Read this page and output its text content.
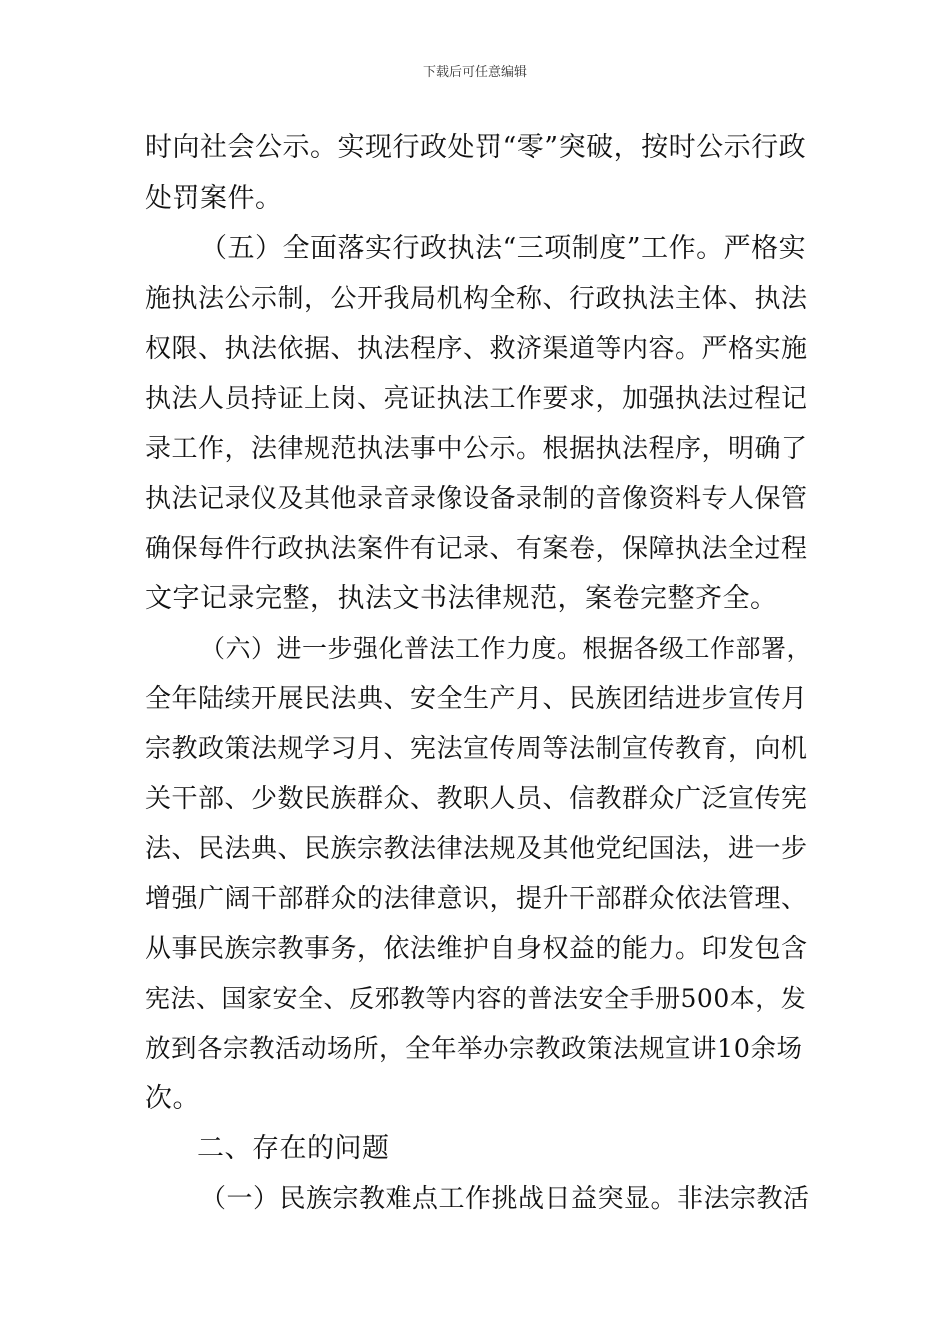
下载后可任意编辑
时向社会公示。实现行政处罚“零”突破，按时公示行政
处罚案件。
（五）全面落实行政执法“三项制度”工作。严格实
施执法公示制，公开我局机构全称、行政执法主体、执法
权限、执法依据、执法程序、救济渠道等内容。严格实施
执法人员持证上岗、亮证执法工作要求，加强执法过程记
录工作，法律规范执法事中公示。根据执法程序，明确了
执法记录仪及其他录音录像设备录制的音像资料专人保管
确保每件行政执法案件有记录、有案卷，保障执法全过程
文字记录完整，执法文书法律规范，案卷完整齐全。
（六）进一步强化普法工作力度。根据各级工作部署，
全年陆续开展民法典、安全生产月、民族团结进步宣传月
宗教政策法规学习月、宪法宣传周等法制宣传教育，向机
关干部、少数民族群众、教职人员、信教群众广泛宣传宪
法、民法典、民族宗教法律法规及其他党纪国法，进一步
增强广阔干部群众的法律意识，提升干部群众依法管理、
从事民族宗教事务，依法维护自身权益的能力。印发包含
宪法、国家安全、反邪教等内容的普法安全手册500本，发
放到各宗教活动场所，全年举办宗教政策法规宣讲10余场
次。
二、存在的问题
（一）民族宗教难点工作挑战日益突显。非法宗教活
